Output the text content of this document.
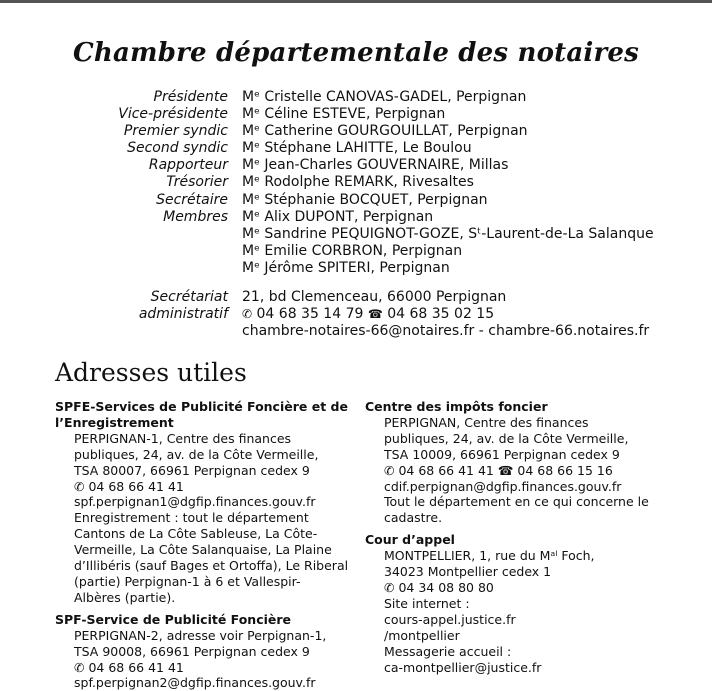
Chambre départementale des notaires
Présidente	Mᵉ Cristelle CANOVAS-GADEL, Perpignan
Vice-présidente	Mᵉ Céline ESTEVE, Perpignan
Premier syndic	Mᵉ Catherine GOURGOUILLAT, Perpignan
Second syndic	Mᵉ Stéphane LAHITTE, Le Boulou
Rapporteur	Mᵉ Jean-Charles GOUVERNAIRE, Millas
Trésorier	Mᵉ Rodolphe REMARK, Rivesaltes
Secrétaire	Mᵉ Stéphanie BOCQUET, Perpignan
Membres	Mᵉ Alix DUPONT, Perpignan
Mᵉ Sandrine PEQUIGNOT-GOZE, Sᵗ-Laurent-de-La Salanque
Mᵉ Emilie CORBRON, Perpignan
Mᵉ Jérôme SPITERI, Perpignan
Secrétariat	21, bd Clemenceau, 66000 Perpignan
administratif	✆ 04 68 35 14 79 ☎ 04 68 35 02 15
chambre-notaires-66@notaires.fr - chambre-66.notaires.fr
Adresses utiles
SPFE-Services de Publicité Foncière et de
l’Enregistrement
PERPIGNAN-1, Centre des finances
publiques, 24, av. de la Côte Vermeille,
TSA 80007, 66961 Perpignan cedex 9
✆ 04 68 66 41 41
spf.perpignan1@dgfip.finances.gouv.fr
Enregistrement : tout le département
Cantons de La Côte Sableuse, La Côte-
Vermeille, La Côte Salanquaise, La Plaine
d’Illibéris (sauf Bages et Ortoffa), Le Riberal
(partie) Perpignan-1 à 6 et Vallespir-
Albères (partie).
SPF-Service de Publicité Foncière
PERPIGNAN-2, adresse voir Perpignan-1,
TSA 90008, 66961 Perpignan cedex 9
✆ 04 68 66 41 41
spf.perpignan2@dgfip.finances.gouv.fr
Centre des impôts foncier
PERPIGNAN, Centre des finances
publiques, 24, av. de la Côte Vermeille,
TSA 10009, 66961 Perpignan cedex 9
✆ 04 68 66 41 41 ☎ 04 68 66 15 16
cdif.perpignan@dgfip.finances.gouv.fr
Tout le département en ce qui concerne le
cadastre.
Cour d’appel
MONTPELLIER, 1, rue du Mᵃˡ Foch,
34023 Montpellier cedex 1
✆ 04 34 08 80 80
Site internet :
cours-appel.justice.fr
/montpellier
Messagerie accueil :
ca-montpellier@justice.fr
